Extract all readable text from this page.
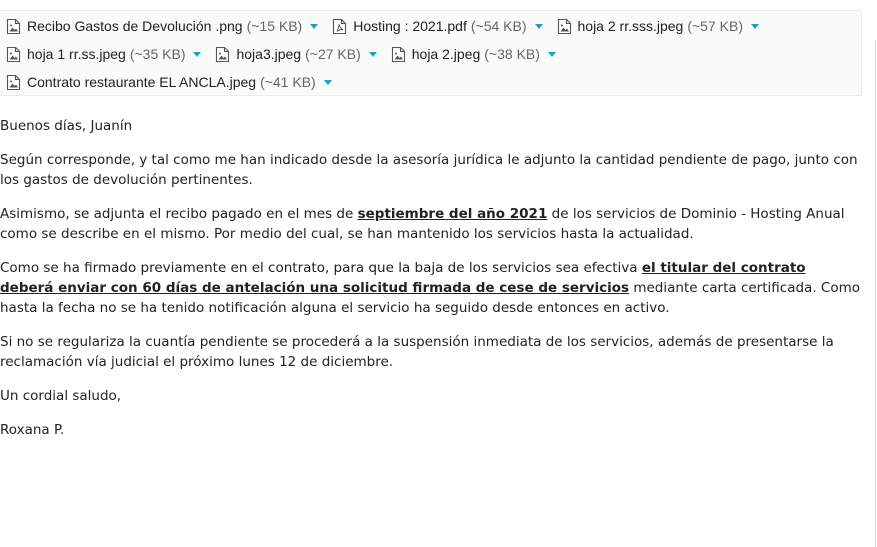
Recibo Gastos de Devolución .png (~15 KB)	Hosting : 2021.pdf (~54 KB)	hoja 2 rr.sss.jpeg (~57 KB)
hoja 1 rr.ss.jpeg (~35 KB)	hoja3.jpeg (~27 KB)	hoja 2.jpeg (~38 KB)
Contrato restaurante EL ANCLA.jpeg (~41 KB)

Buenos días, Juanín

Según corresponde, y tal como me han indicado desde la asesoría jurídica le adjunto la cantidad pendiente de pago, junto con los gastos de devolución pertinentes.

Asimismo, se adjunta el recibo pagado en el mes de septiembre del año 2021 de los servicios de Dominio - Hosting Anual como se describe en el mismo. Por medio del cual, se han mantenido los servicios hasta la actualidad.

Como se ha firmado previamente en el contrato, para que la baja de los servicios sea efectiva el titular del contrato deberá enviar con 60 días de antelación una solicitud firmada de cese de servicios mediante carta certificada. Como hasta la fecha no se ha tenido notificación alguna el servicio ha seguido desde entonces en activo.

Si no se regulariza la cuantía pendiente se procederá a la suspensión inmediata de los servicios, además de presentarse la reclamación vía judicial el próximo lunes 12 de diciembre.

Un cordial saludo,

Roxana P.
